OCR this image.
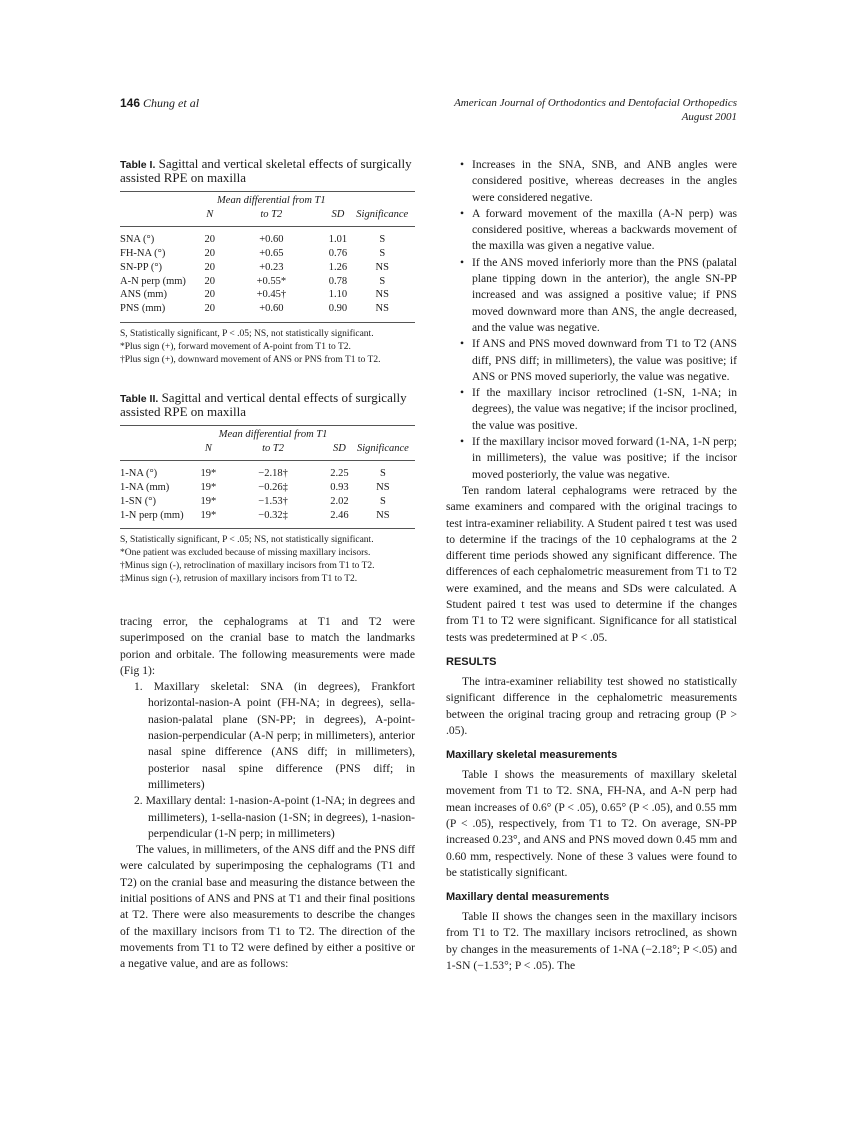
146 Chung et al	American Journal of Orthodontics and Dentofacial Orthopedics
August 2001
Table I. Sagittal and vertical skeletal effects of surgically assisted RPE on maxilla
	N	Mean differential from T1 to T2	SD	Significance
SNA (°)	20	+0.60	1.01	S
FH-NA (°)	20	+0.65	0.76	S
SN-PP (°)	20	+0.23	1.26	NS
A-N perp (mm)	20	+0.55*	0.78	S
ANS (mm)	20	+0.45†	1.10	NS
PNS (mm)	20	+0.60	0.90	NS
S, Statistically significant, P < .05; NS, not statistically significant.
*Plus sign (+), forward movement of A-point from T1 to T2.
†Plus sign (+), downward movement of ANS or PNS from T1 to T2.
Table II. Sagittal and vertical dental effects of surgically assisted RPE on maxilla
	N	Mean differential from T1 to T2	SD	Significance
1-NA (°)	19*	−2.18†	2.25	S
1-NA (mm)	19*	−0.26‡	0.93	NS
1-SN (°)	19*	−1.53†	2.02	S
1-N perp (mm)	19*	−0.32‡	2.46	NS
S, Statistically significant, P < .05; NS, not statistically significant.
*One patient was excluded because of missing maxillary incisors.
†Minus sign (-), retroclination of maxillary incisors from T1 to T2.
‡Minus sign (-), retrusion of maxillary incisors from T1 to T2.

tracing error, the cephalograms at T1 and T2 were superimposed on the cranial base to match the landmarks porion and orbitale. The following measurements were made (Fig 1):

1. Maxillary skeletal: SNA (in degrees), Frankfort horizontal-nasion-A point (FH-NA; in degrees), sella-nasion-palatal plane (SN-PP; in degrees), A-point-nasion-perpendicular (A-N perp; in millimeters), anterior nasal spine difference (ANS diff; in millimeters), posterior nasal spine difference (PNS diff; in millimeters)

2. Maxillary dental: 1-nasion-A-point (1-NA; in degrees and millimeters), 1-sella-nasion (1-SN; in degrees), 1-nasion-perpendicular (1-N perp; in millimeters)

The values, in millimeters, of the ANS diff and the PNS diff were calculated by superimposing the cephalograms (T1 and T2) on the cranial base and measuring the distance between the initial positions of ANS and PNS at T1 and their final positions at T2. There were also measurements to describe the changes of the maxillary incisors from T1 to T2. The direction of the movements from T1 to T2 were defined by either a positive or a negative value, and are as follows:

• Increases in the SNA, SNB, and ANB angles were considered positive, whereas decreases in the angles were considered negative.

• A forward movement of the maxilla (A-N perp) was considered positive, whereas a backwards movement of the maxilla was given a negative value.

• If the ANS moved inferiorly more than the PNS (palatal plane tipping down in the anterior), the angle SN-PP increased and was assigned a positive value; if PNS moved downward more than ANS, the angle decreased, and the value was negative.

• If ANS and PNS moved downward from T1 to T2 (ANS diff, PNS diff; in millimeters), the value was positive; if ANS or PNS moved superiorly, the value was negative.

• If the maxillary incisor retroclined (1-SN, 1-NA; in degrees), the value was negative; if the incisor proclined, the value was positive.

• If the maxillary incisor moved forward (1-NA, 1-N perp; in millimeters), the value was positive; if the incisor moved posteriorly, the value was negative.

Ten random lateral cephalograms were retraced by the same examiners and compared with the original tracings to test intra-examiner reliability. A Student paired t test was used to determine if the tracings of the 10 cephalograms at the 2 different time periods showed any significant difference. The differences of each cephalometric measurement from T1 to T2 were examined, and the means and SDs were calculated. A Student paired t test was used to determine if the changes from T1 to T2 were significant. Significance for all statistical tests was predetermined at P < .05.

RESULTS

The intra-examiner reliability test showed no statistically significant difference in the cephalometric measurements between the original tracing group and retracing group (P > .05).

Maxillary skeletal measurements

Table I shows the measurements of maxillary skeletal movement from T1 to T2. SNA, FH-NA, and A-N perp had mean increases of 0.6° (P < .05), 0.65° (P < .05), and 0.55 mm (P < .05), respectively, from T1 to T2. On average, SN-PP increased 0.23°, and ANS and PNS moved down 0.45 mm and 0.60 mm, respectively. None of these 3 values were found to be statistically significant.

Maxillary dental measurements

Table II shows the changes seen in the maxillary incisors from T1 to T2. The maxillary incisors retroclined, as shown by changes in the measurements of 1-NA (−2.18°; P <.05) and 1-SN (−1.53°; P < .05). The
